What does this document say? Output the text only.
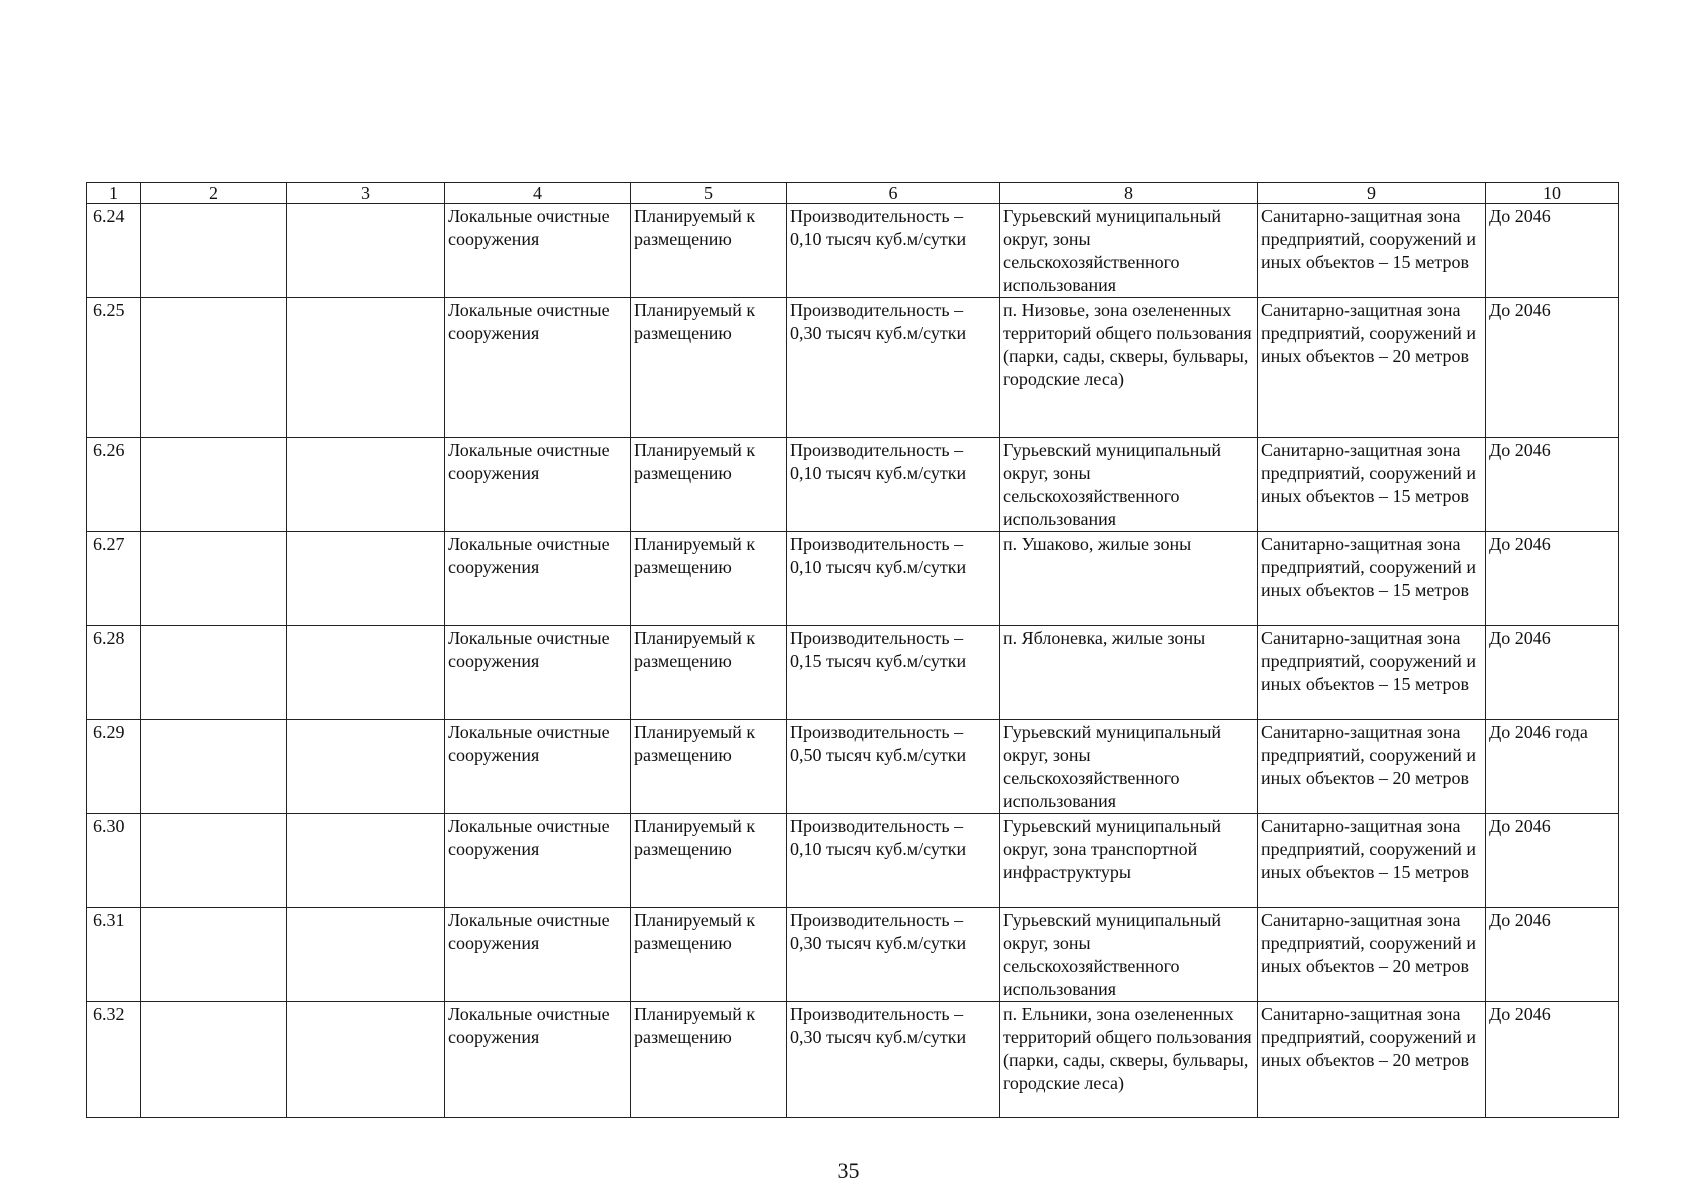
1	2	3	4	5	6	8	9	10
6.24			Локальные очистные сооружения	Планируемый к размещению	Производительность – 0,10 тысяч куб.м/сутки	Гурьевский муниципальный округ, зоны сельскохозяйственного использования	Санитарно-защитная зона предприятий, сооружений и иных объектов – 15 метров	До 2046
6.25			Локальные очистные сооружения	Планируемый к размещению	Производительность – 0,30 тысяч куб.м/сутки	п. Низовье, зона озелененных территорий общего пользования (парки, сады, скверы, бульвары, городские леса)	Санитарно-защитная зона предприятий, сооружений и иных объектов – 20 метров	До 2046
6.26			Локальные очистные сооружения	Планируемый к размещению	Производительность – 0,10 тысяч куб.м/сутки	Гурьевский муниципальный округ, зоны сельскохозяйственного использования	Санитарно-защитная зона предприятий, сооружений и иных объектов – 15 метров	До 2046
6.27			Локальные очистные сооружения	Планируемый к размещению	Производительность – 0,10 тысяч куб.м/сутки	п. Ушаково, жилые зоны	Санитарно-защитная зона предприятий, сооружений и иных объектов – 15 метров	До 2046
6.28			Локальные очистные сооружения	Планируемый к размещению	Производительность – 0,15 тысяч куб.м/сутки	п. Яблоневка, жилые зоны	Санитарно-защитная зона предприятий, сооружений и иных объектов – 15 метров	До 2046
6.29			Локальные очистные сооружения	Планируемый к размещению	Производительность – 0,50 тысяч куб.м/сутки	Гурьевский муниципальный округ, зоны сельскохозяйственного использования	Санитарно-защитная зона предприятий, сооружений и иных объектов – 20 метров	До 2046 года
6.30			Локальные очистные сооружения	Планируемый к размещению	Производительность – 0,10 тысяч куб.м/сутки	Гурьевский муниципальный округ, зона транспортной инфраструктуры	Санитарно-защитная зона предприятий, сооружений и иных объектов – 15 метров	До 2046
6.31			Локальные очистные сооружения	Планируемый к размещению	Производительность – 0,30 тысяч куб.м/сутки	Гурьевский муниципальный округ, зоны сельскохозяйственного использования	Санитарно-защитная зона предприятий, сооружений и иных объектов – 20 метров	До 2046
6.32			Локальные очистные сооружения	Планируемый к размещению	Производительность – 0,30 тысяч куб.м/сутки	п. Ельники, зона озелененных территорий общего пользования (парки, сады, скверы, бульвары, городские леса)	Санитарно-защитная зона предприятий, сооружений и иных объектов – 20 метров	До 2046
35
